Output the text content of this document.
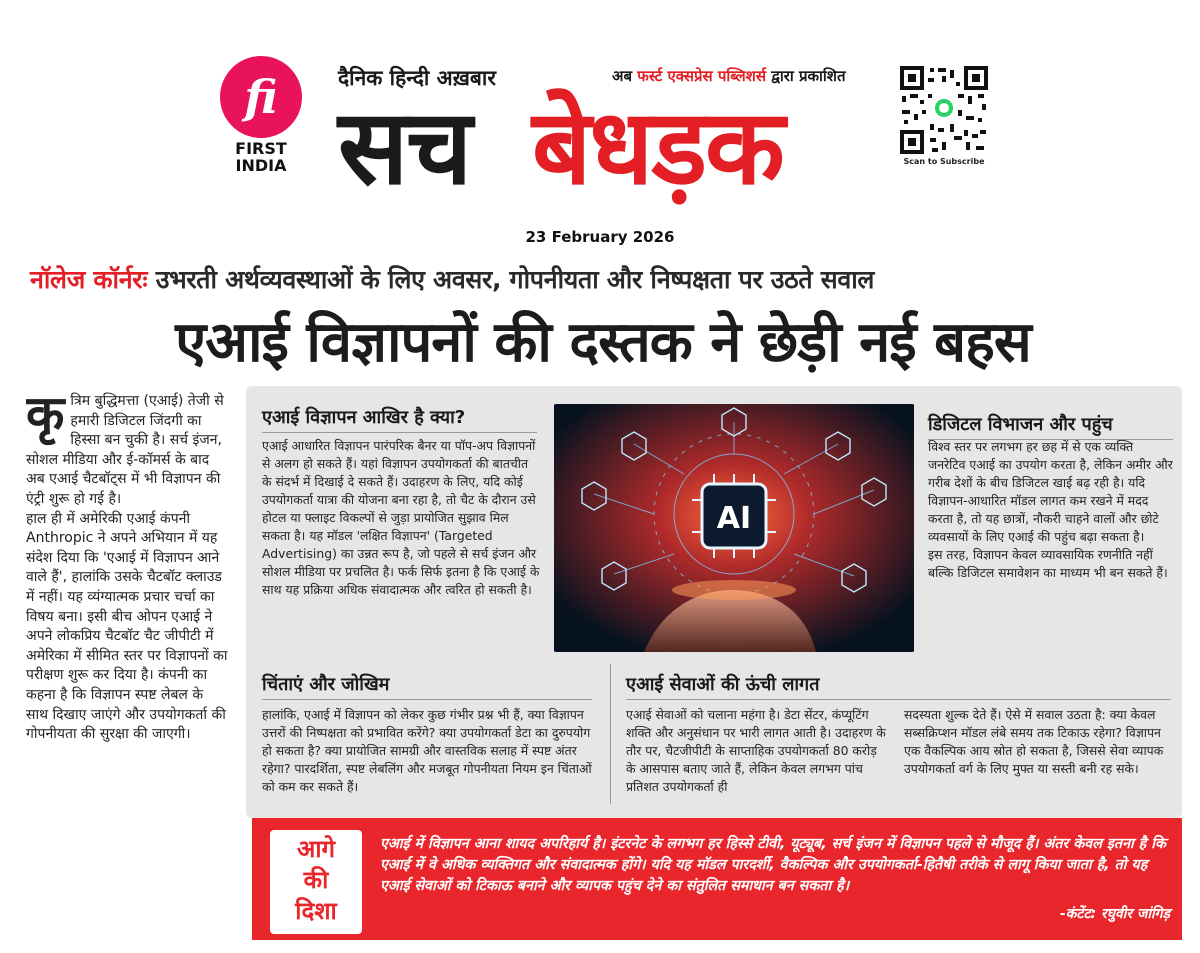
fi
FIRST INDIA
दैनिक हिन्दी अख़बार	अब फर्स्ट एक्सप्रेस पब्लिशर्स द्वारा प्रकाशित
सच बेधड़क	Scan to Subscribe
23 February 2026
नॉलेज कॉर्नरः उभरती अर्थव्यवस्थाओं के लिए अवसर, गोपनीयता और निष्पक्षता पर उठते सवाल
एआई विज्ञापनों की दस्तक ने छेड़ी नई बहस
कृ त्रिम बुद्धिमत्ता (एआई) तेजी से हमारी डिजिटल जिंदगी का हिस्सा बन चुकी है। सर्च इंजन, सोशल मीडिया और ई-कॉमर्स के बाद अब एआई चैटबॉट्स में भी विज्ञापन की एंट्री शुरू हो गई है।

हाल ही में अमेरिकी एआई कंपनी Anthropic ने अपने अभियान में यह संदेश दिया कि 'एआई में विज्ञापन आने वाले हैं', हालांकि उसके चैटबॉट क्लाउड में नहीं। यह व्यंग्यात्मक प्रचार चर्चा का विषय बना। इसी बीच ओपन एआई ने अपने लोकप्रिय चैटबॉट चैट जीपीटी में अमेरिका में सीमित स्तर पर विज्ञापनों का परीक्षण शुरू कर दिया है। कंपनी का कहना है कि विज्ञापन स्पष्ट लेबल के साथ दिखाए जाएंगे और उपयोगकर्ता की गोपनीयता की सुरक्षा की जाएगी।

एआई विज्ञापन आखिर है क्या?

एआई आधारित विज्ञापन पारंपरिक बैनर या पॉप-अप विज्ञापनों से अलग हो सकते हैं। यहां विज्ञापन उपयोगकर्ता की बातचीत के संदर्भ में दिखाई दे सकते हैं। उदाहरण के लिए, यदि कोई उपयोगकर्ता यात्रा की योजना बना रहा है, तो चैट के दौरान उसे होटल या फ्लाइट विकल्पों से जुड़ा प्रायोजित सुझाव मिल सकता है। यह मॉडल 'लक्षित विज्ञापन' (Targeted Advertising) का उन्नत रूप है, जो पहले से सर्च इंजन और सोशल मीडिया पर प्रचलित है। फर्क सिर्फ इतना है कि एआई के साथ यह प्रक्रिया अधिक संवादात्मक और त्वरित हो सकती है।

AI
डिजिटल विभाजन और पहुंच

विश्व स्तर पर लगभग हर छह में से एक व्यक्ति जनरेटिव एआई का उपयोग करता है, लेकिन अमीर और गरीब देशों के बीच डिजिटल खाई बढ़ रही है। यदि विज्ञापन-आधारित मॉडल लागत कम रखने में मदद करता है, तो यह छात्रों, नौकरी चाहने वालों और छोटे व्यवसायों के लिए एआई की पहुंच बढ़ा सकता है।

इस तरह, विज्ञापन केवल व्यावसायिक रणनीति नहीं बल्कि डिजिटल समावेशन का माध्यम भी बन सकते हैं।

चिंताएं और जोखिम

हालांकि, एआई में विज्ञापन को लेकर कुछ गंभीर प्रश्न भी हैं, क्या विज्ञापन उत्तरों की निष्पक्षता को प्रभावित करेंगे? क्या उपयोगकर्ता डेटा का दुरुपयोग हो सकता है? क्या प्रायोजित सामग्री और वास्तविक सलाह में स्पष्ट अंतर रहेगा? पारदर्शिता, स्पष्ट लेबलिंग और मजबूत गोपनीयता नियम इन चिंताओं को कम कर सकते हैं।

एआई सेवाओं की ऊंची लागत

एआई सेवाओं को चलाना महंगा है। डेटा सेंटर, कंप्यूटिंग शक्ति और अनुसंधान पर भारी लागत आती है। उदाहरण के तौर पर, चैटजीपीटी के साप्ताहिक उपयोगकर्ता 80 करोड़ के आसपास बताए जाते हैं, लेकिन केवल लगभग पांच प्रतिशत उपयोगकर्ता ही

सदस्यता शुल्क देते हैं। ऐसे में सवाल उठता है: क्या केवल सब्सक्रिप्शन मॉडल लंबे समय तक टिकाऊ रहेगा? विज्ञापन एक वैकल्पिक आय स्रोत हो सकता है, जिससे सेवा व्यापक उपयोगकर्ता वर्ग के लिए मुफ्त या सस्ती बनी रह सके।

आगे
की
दिशा

एआई में विज्ञापन आना शायद अपरिहार्य है। इंटरनेट के लगभग हर हिस्से टीवी, यूट्यूब, सर्च इंजन में विज्ञापन पहले से मौजूद हैं। अंतर केवल इतना है कि एआई में वे अधिक व्यक्तिगत और संवादात्मक होंगे। यदि यह मॉडल पारदर्शी, वैकल्पिक और उपयोगकर्ता-हितैषी तरीके से लागू किया जाता है, तो यह एआई सेवाओं को टिकाऊ बनाने और व्यापक पहुंच देने का संतुलित समाधान बन सकता है।

-कंटेंट: रघुवीर जांगिड़
